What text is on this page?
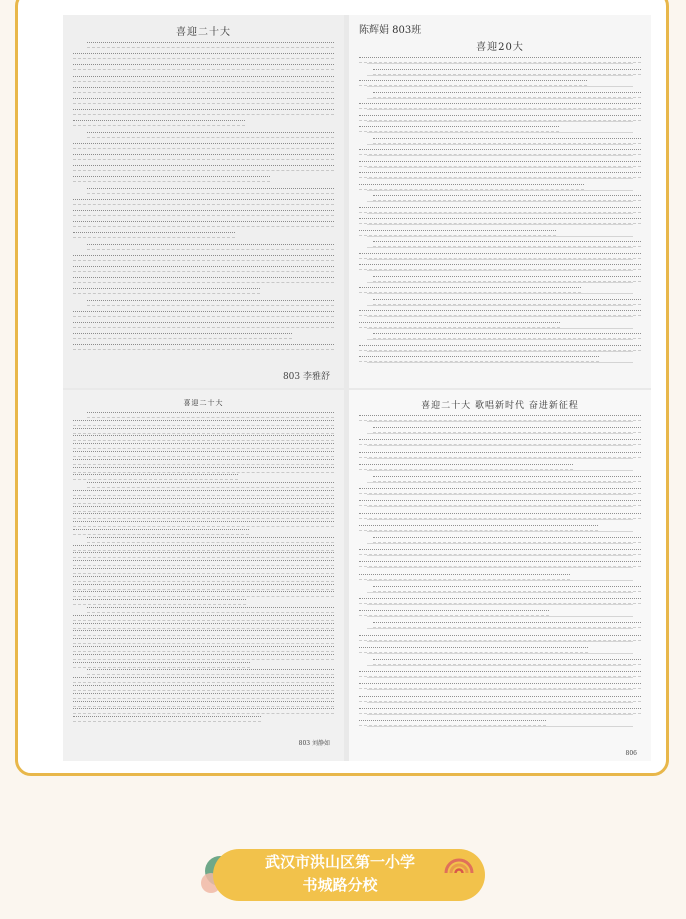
喜迎二十大
803 李雅舒
陈辉娟 803班
喜迎20大
喜迎二十大
803 刘静如
喜迎二十大 歌唱新时代 奋进新征程
806
武汉市洪山区第一小学
书城路分校
